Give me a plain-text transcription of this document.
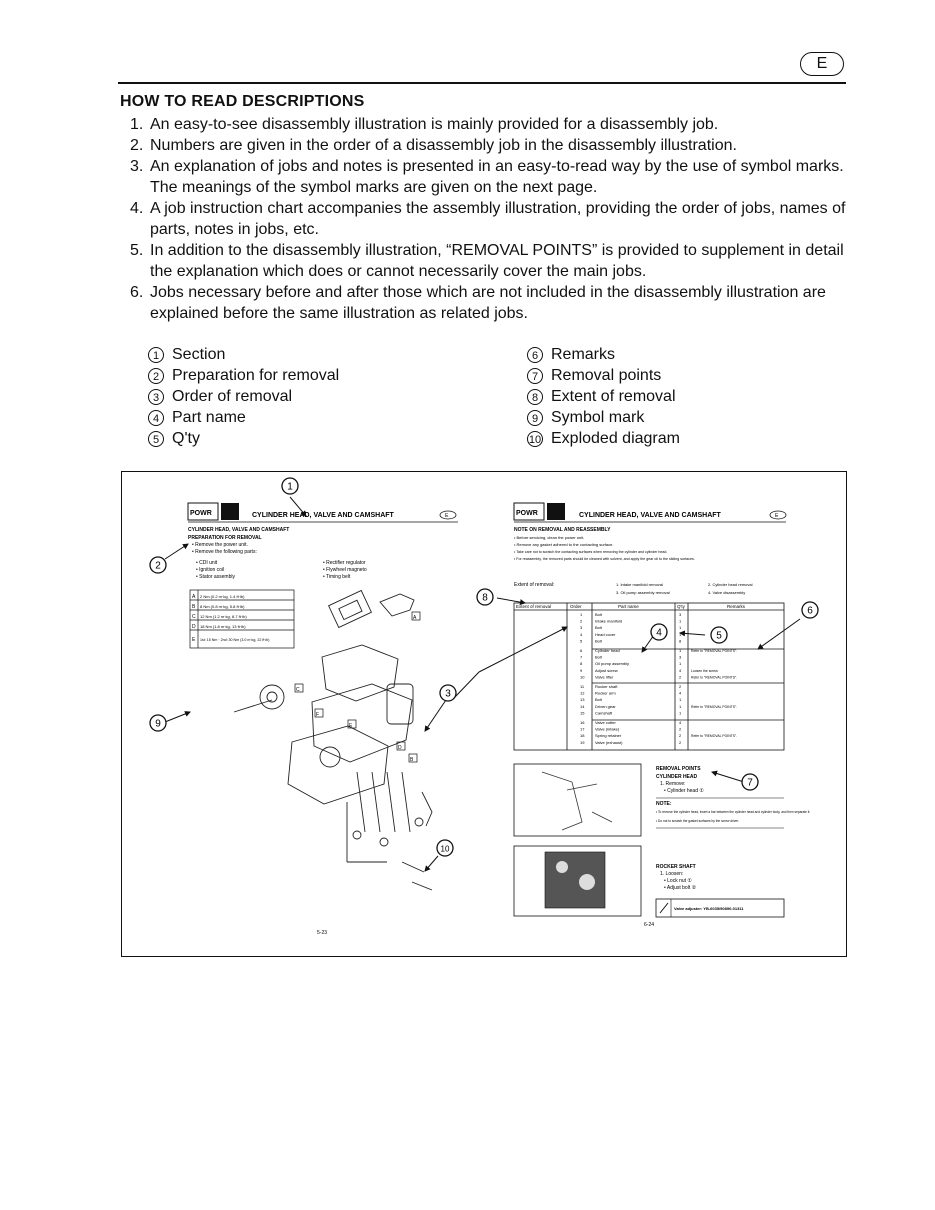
E
HOW TO READ DESCRIPTIONS
1. An easy-to-see disassembly illustration is mainly provided for a disassembly job.
2. Numbers are given in the order of a disassembly job in the disassembly illustration.
3. An explanation of jobs and notes is presented in an easy-to-read way by the use of symbol marks. The meanings of the symbol marks are given on the next page.
4. A job instruction chart accompanies the assembly illustration, providing the order of jobs, names of parts, notes in jobs, etc.
5. In addition to the disassembly illustration, “REMOVAL POINTS” is provided to supplement in detail the explanation which does or cannot necessarily cover the main jobs.
6. Jobs necessary before and after those which are not included in the disassembly illustration are explained before the same illustration as related jobs.
1 Section
2 Preparation for removal
3 Order of removal
4 Part name
5 Q'ty
6 Remarks
7 Removal points
8 Extent of removal
9 Symbol mark
10 Exploded diagram
POWR	CYLINDER HEAD, VALVE AND CAMSHAFT	E
CYLINDER HEAD, VALVE AND CAMSHAFT
PREPARATION FOR REMOVAL
• Remove the power unit.
• Remove the following parts:
• CDI unit
• Ignition coil
• Stator assembly
• Rectifier regulator
• Flywheel magneto
• Timing belt
A 2 Nm (0.2 m·kg, 1.4 ft·lb)
B 8 Nm (0.8 m·kg, 5.8 ft·lb)
C 12 Nm (1.2 m·kg, 8.7 ft·lb)
D 18 Nm (1.8 m·kg, 13 ft·lb)
E 1st: 15 Nm · 2nd: 30 Nm (3.0 m·kg, 22 ft·lb)
A
C
F
E
D
B
5-23
POWR	CYLINDER HEAD, VALVE AND CAMSHAFT	E
NOTE ON REMOVAL AND REASSEMBLY
• Before servicing, clean the power unit.
• Remove any gasket adhered to the contacting surface.
• Take care not to scratch the contacting surfaces when removing the cylinder and cylinder head.
• For reassembly, the removed parts should be cleaned with solvent, and apply the gear oil to the sliding surfaces.
Extent of removal:	1. Intake manifold removal	2. Cylinder head removal
3. Oil pump assembly removal	4. Valve disassembly
Extent of removal	Order	Part name	Q'ty	Remarks
1	Bolt	3
2	Intake manifold	1
3	Bolt	1
4	Head cover	1
5	Bolt	8
6	Cylinder head	1	Refer to "REMOVAL POINTS".
7	Bolt	3
8	Oil pump assembly	1
9	Adjust screw	4	Loosen the screw.
10	Valve lifter	2	Refer to "REMOVAL POINTS".
11	Rocker shaft	2
12	Rocker arm	4
13	Bolt	1
14	Driven gear	1	Refer to "REMOVAL POINTS".
15	Camshaft	1
16	Valve cotter	4
17	Valve (intake)	2
18	Spring retainer	2	Refer to "REMOVAL POINTS".
19	Valve (exhaust)	2
REMOVAL POINTS
CYLINDER HEAD
1. Remove:
• Cylinder head ①
NOTE:
• To remove the cylinder head, insert a bar between the cylinder head and cylinder body, and then separate it.
• Do not to scratch the gasket surfaces by the screw driver.
ROCKER SHAFT
1. Loosen:
• Lock nut ①
• Adjust bolt ②
Valve adjuster: YB-6035/90890-01311
6-24
1
2
3
4	5
6
7
8
9
10
